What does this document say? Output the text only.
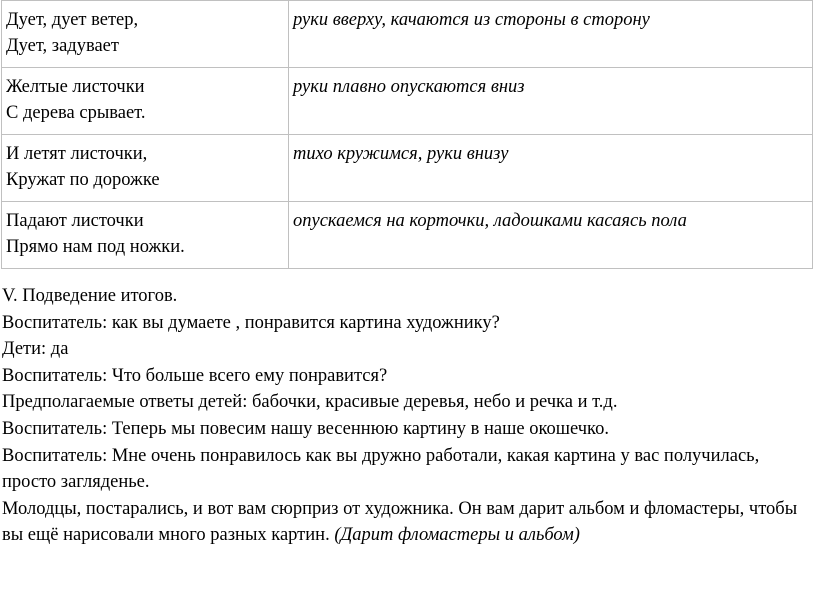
Дует, дует ветер,
Дует, задувает	руки вверху, качаются из стороны в сторону

Желтые листочки
С дерева срывает.	руки плавно опускаются вниз

И летят листочки,
Кружат по дорожке	тихо кружимся, руки внизу

Падают листочки
Прямо нам под ножки.	опускаемся на корточки, ладошками касаясь пола
V. Подведение итогов.
Воспитатель: как вы думаете , понравится картина художнику?
Дети: да
Воспитатель: Что больше всего ему понравится?
Предполагаемые ответы детей: бабочки, красивые деревья, небо и речка и т.д.
Воспитатель: Теперь мы повесим нашу весеннюю картину в наше окошечко.
Воспитатель: Мне очень понравилось как вы дружно работали, какая картина у вас получилась, просто загляденье.
Молодцы, постарались, и вот вам сюрприз от художника. Он вам дарит альбом и фломастеры, чтобы вы ещё нарисовали много разных картин. (Дарит фломастеры и альбом)
